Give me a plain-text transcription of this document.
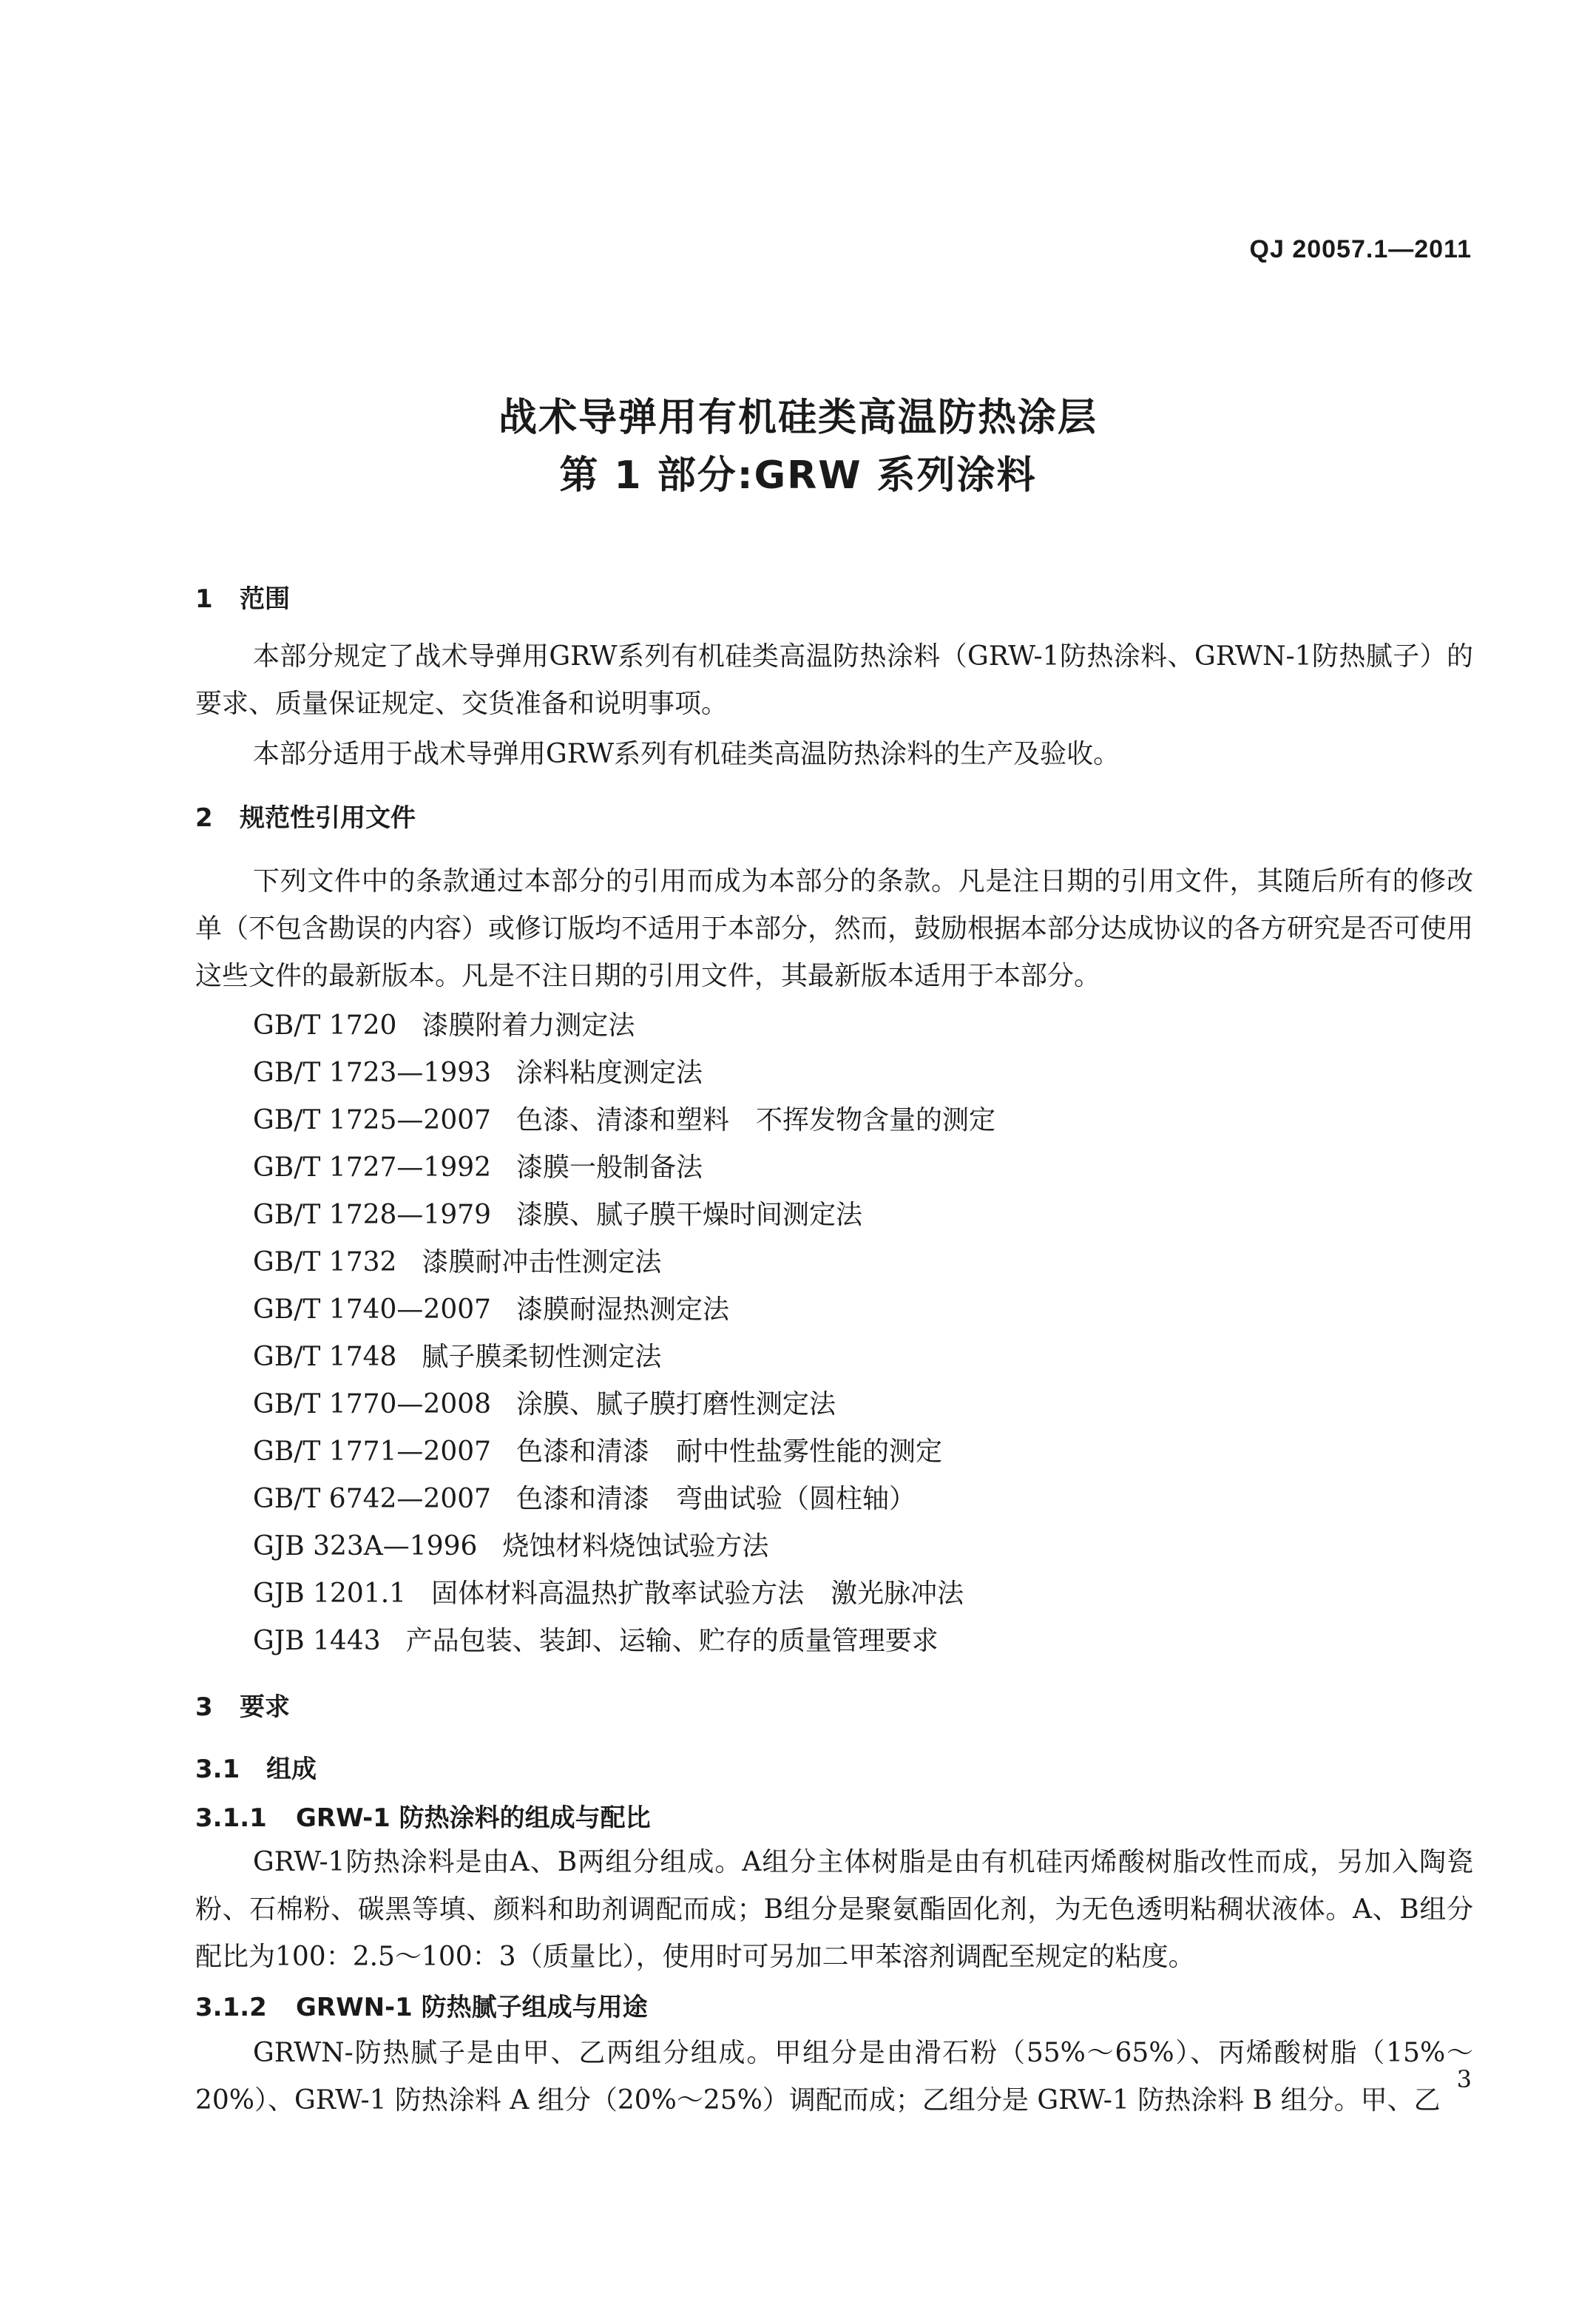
QJ 20057.1—2011
战术导弹用有机硅类高温防热涂层
第 1 部分:GRW 系列涂料
1 范围
本部分规定了战术导弹用GRW系列有机硅类高温防热涂料（GRW-1防热涂料、GRWN-1防热腻子）的要求、质量保证规定、交货准备和说明事项。
本部分适用于战术导弹用GRW系列有机硅类高温防热涂料的生产及验收。
2 规范性引用文件
下列文件中的条款通过本部分的引用而成为本部分的条款。凡是注日期的引用文件，其随后所有的修改单（不包含勘误的内容）或修订版均不适用于本部分，然而，鼓励根据本部分达成协议的各方研究是否可使用这些文件的最新版本。凡是不注日期的引用文件，其最新版本适用于本部分。
GB/T 1720 漆膜附着力测定法
GB/T 1723—1993 涂料粘度测定法
GB/T 1725—2007 色漆、清漆和塑料　不挥发物含量的测定
GB/T 1727—1992 漆膜一般制备法
GB/T 1728—1979 漆膜、腻子膜干燥时间测定法
GB/T 1732 漆膜耐冲击性测定法
GB/T 1740—2007 漆膜耐湿热测定法
GB/T 1748 腻子膜柔韧性测定法
GB/T 1770—2008 涂膜、腻子膜打磨性测定法
GB/T 1771—2007 色漆和清漆　耐中性盐雾性能的测定
GB/T 6742—2007 色漆和清漆　弯曲试验（圆柱轴）
GJB 323A—1996 烧蚀材料烧蚀试验方法
GJB 1201.1 固体材料高温热扩散率试验方法　激光脉冲法
GJB 1443 产品包装、装卸、运输、贮存的质量管理要求
3 要求
3.1 组成
3.1.1 GRW-1 防热涂料的组成与配比
GRW-1防热涂料是由A、B两组分组成。A组分主体树脂是由有机硅丙烯酸树脂改性而成，另加入陶瓷粉、石棉粉、碳黑等填、颜料和助剂调配而成；B组分是聚氨酯固化剂，为无色透明粘稠状液体。A、B组分配比为100：2.5～100：3（质量比），使用时可另加二甲苯溶剂调配至规定的粘度。
3.1.2 GRWN-1 防热腻子组成与用途
GRWN-防热腻子是由甲、乙两组分组成。甲组分是由滑石粉（55%～65%）、丙烯酸树脂（15%～20%）、GRW-1 防热涂料 A 组分（20%～25%）调配而成；乙组分是 GRW-1 防热涂料 B 组分。甲、乙
3
